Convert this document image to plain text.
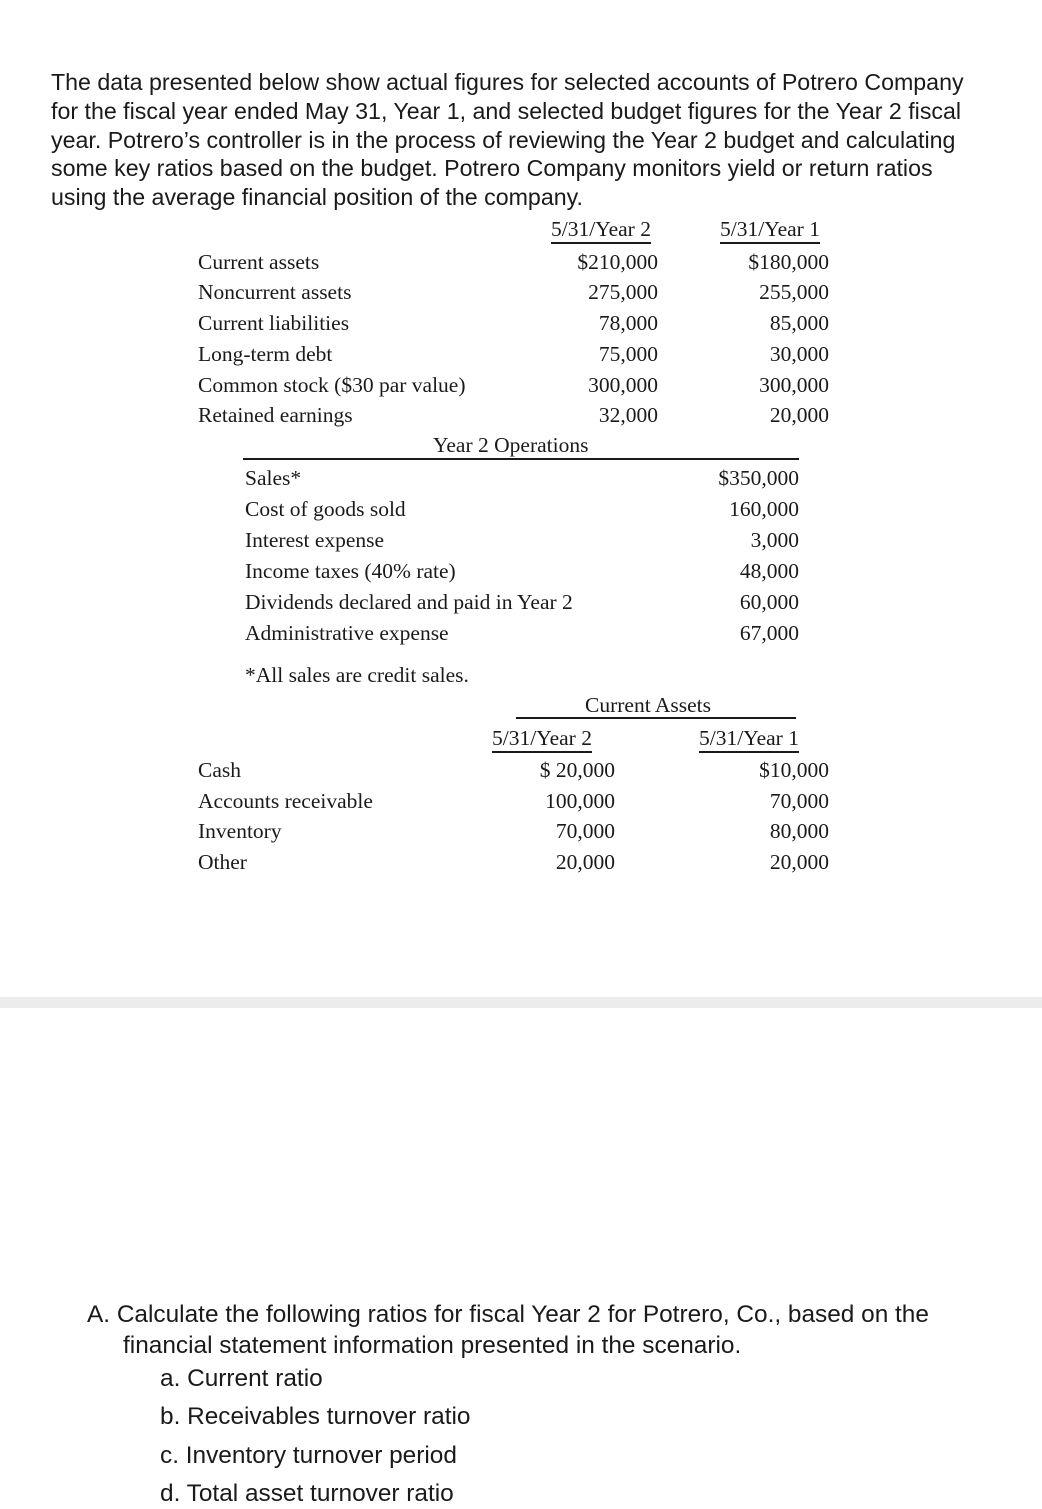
The data presented below show actual figures for selected accounts of Potrero Company for the fiscal year ended May 31, Year 1, and selected budget figures for the Year 2 fiscal year. Potrero’s controller is in the process of reviewing the Year 2 budget and calculating some key ratios based on the budget. Potrero Company monitors yield or return ratios using the average financial position of the company.

5/31/Year 2	5/31/Year 1
Current assets	$210,000	$180,000
Noncurrent assets	275,000	255,000
Current liabilities	78,000	85,000
Long-term debt	75,000	30,000
Common stock ($30 par value)	300,000	300,000
Retained earnings	32,000	20,000
Year 2 Operations
Sales*	$350,000
Cost of goods sold	160,000
Interest expense	3,000
Income taxes (40% rate)	48,000
Dividends declared and paid in Year 2	60,000
Administrative expense	67,000
*All sales are credit sales.
Current Assets
5/31/Year 2	5/31/Year 1
Cash	$ 20,000	$10,000
Accounts receivable	100,000	70,000
Inventory	70,000	80,000
Other	20,000	20,000

A. Calculate the following ratios for fiscal Year 2 for Potrero, Co., based on the financial statement information presented in the scenario.

a. Current ratio
b. Receivables turnover ratio
c. Inventory turnover period
d. Total asset turnover ratio
